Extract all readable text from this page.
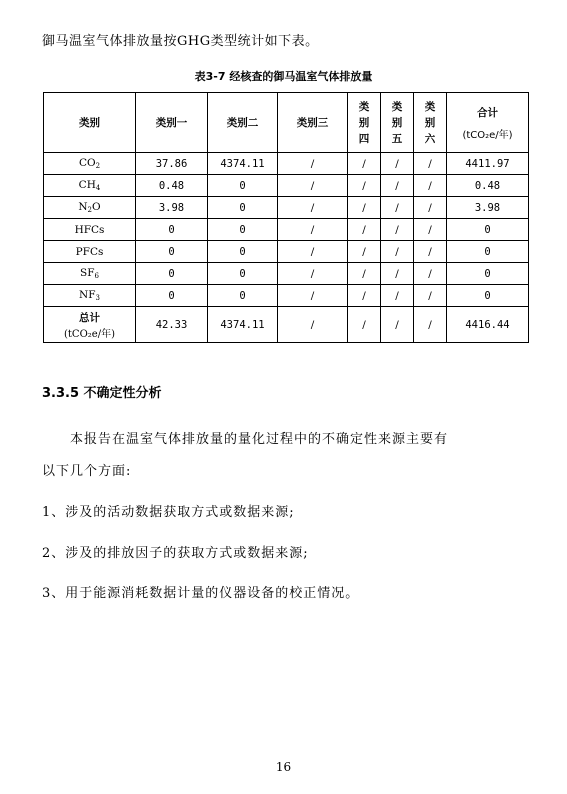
御马温室气体排放量按GHG类型统计如下表。
表3-7 经核查的御马温室气体排放量
类别	类别一	类别二	类别三	类别四	类别五	类别六	合计
(tCO₂e/年)

$CO_2$	37.86	4374.11	/	/	/	/	4411.97
$CH_4$	0.48	0	/	/	/	/	0.48
$N_2O$	3.98	0	/	/	/	/	3.98
HFCs	0	0	/	/	/	/	0
PFCs	0	0	/	/	/	/	0
$SF_6$	0	0	/	/	/	/	0
$NF_3$	0	0	/	/	/	/	0

总计
(tCO₂e/年)	42.33	4374.11	/	/	/	/	4416.44
3.3.5 不确定性分析
本报告在温室气体排放量的量化过程中的不确定性来源主要有
以下几个方面:
1、涉及的活动数据获取方式或数据来源;
2、涉及的排放因子的获取方式或数据来源;
3、用于能源消耗数据计量的仪器设备的校正情况。
16
